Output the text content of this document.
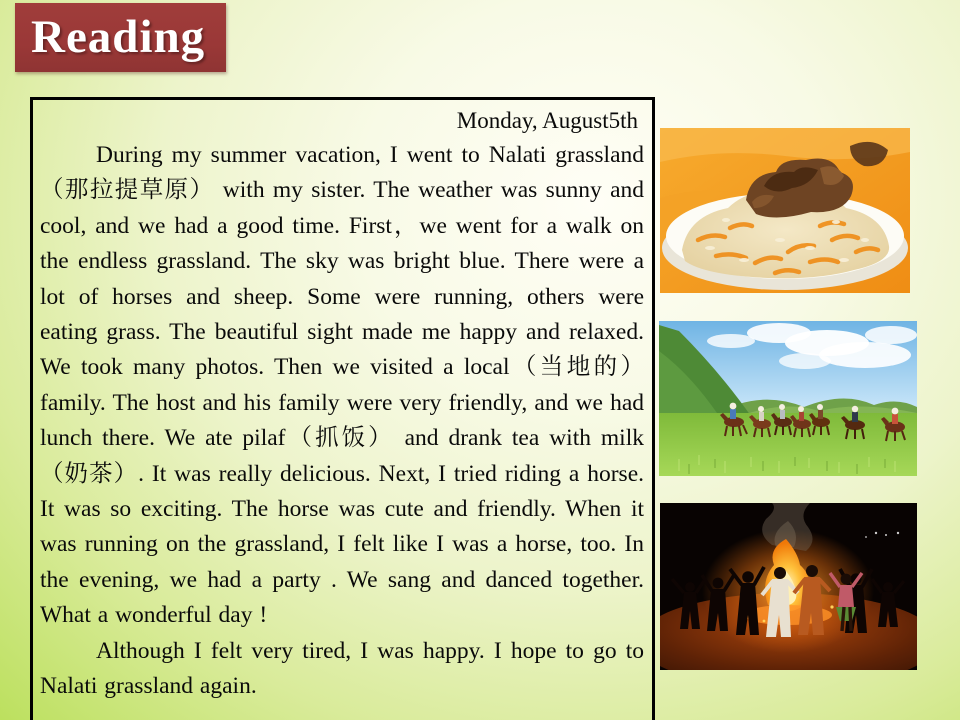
Reading
Monday, August5th

During my summer vacation, I went to Nalati grassland（那拉提草原） with my sister. The weather was sunny and cool, and we had a good time. First，we went for a walk on the endless grassland. The sky was bright blue. There were a lot of horses and sheep. Some were running, others were eating grass. The beautiful sight made me happy and relaxed. We took many photos. Then we visited a local（当地的） family. The host and his family were very friendly, and we had lunch there. We ate pilaf（抓饭） and drank tea with milk（奶茶）. It was really delicious. Next, I tried riding a horse. It was so exciting. The horse was cute and friendly. When it was running on the grassland, I felt like I was a horse, too. In the evening, we had a party . We sang and danced together. What a wonderful day !

Although I felt very tired, I was happy. I hope to go to Nalati grassland again.
